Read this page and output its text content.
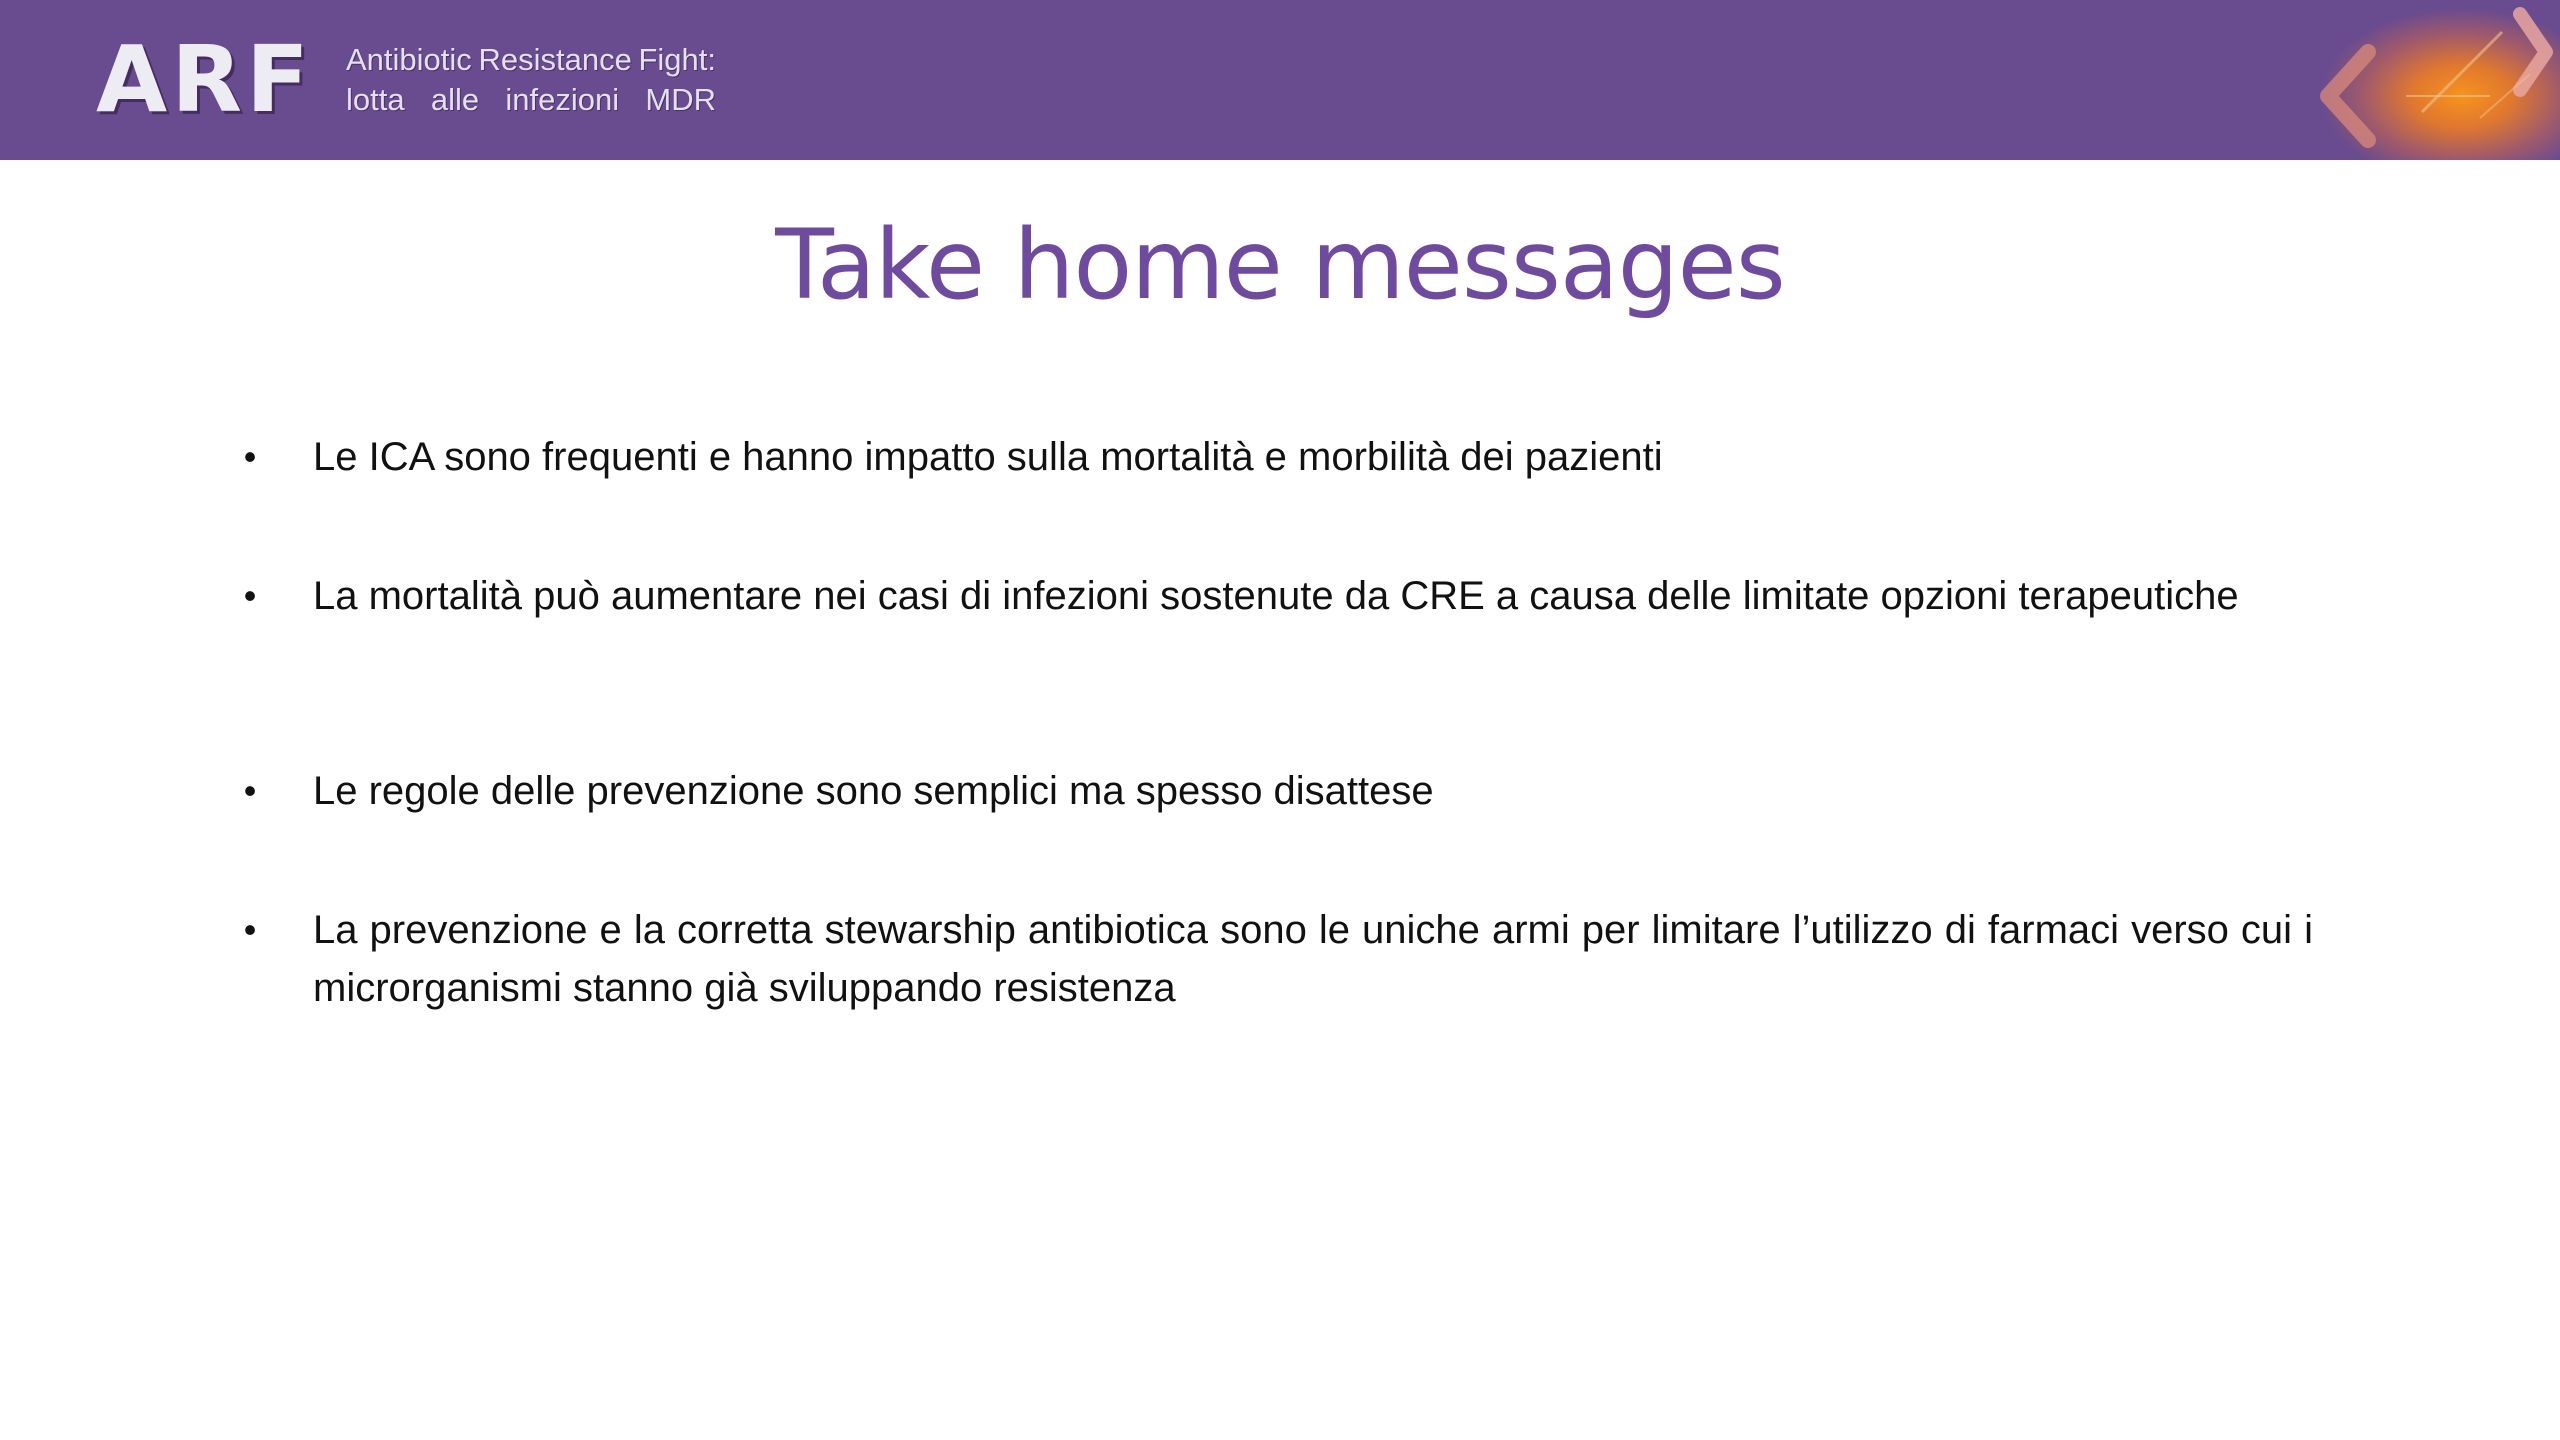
ARF Antibiotic Resistance Fight:
lotta alle infezioni MDR
Take home messages
•	Le ICA sono frequenti e hanno impatto sulla mortalità e morbilità dei pazienti
•	La mortalità può aumentare nei casi di infezioni sostenute da CRE a causa delle limitate opzioni terapeutiche
•	Le regole delle prevenzione sono semplici ma spesso disattese
•	La prevenzione e la corretta stewarship antibiotica sono le uniche armi per limitare l’utilizzo di farmaci verso cui i microrganismi stanno già sviluppando resistenza
